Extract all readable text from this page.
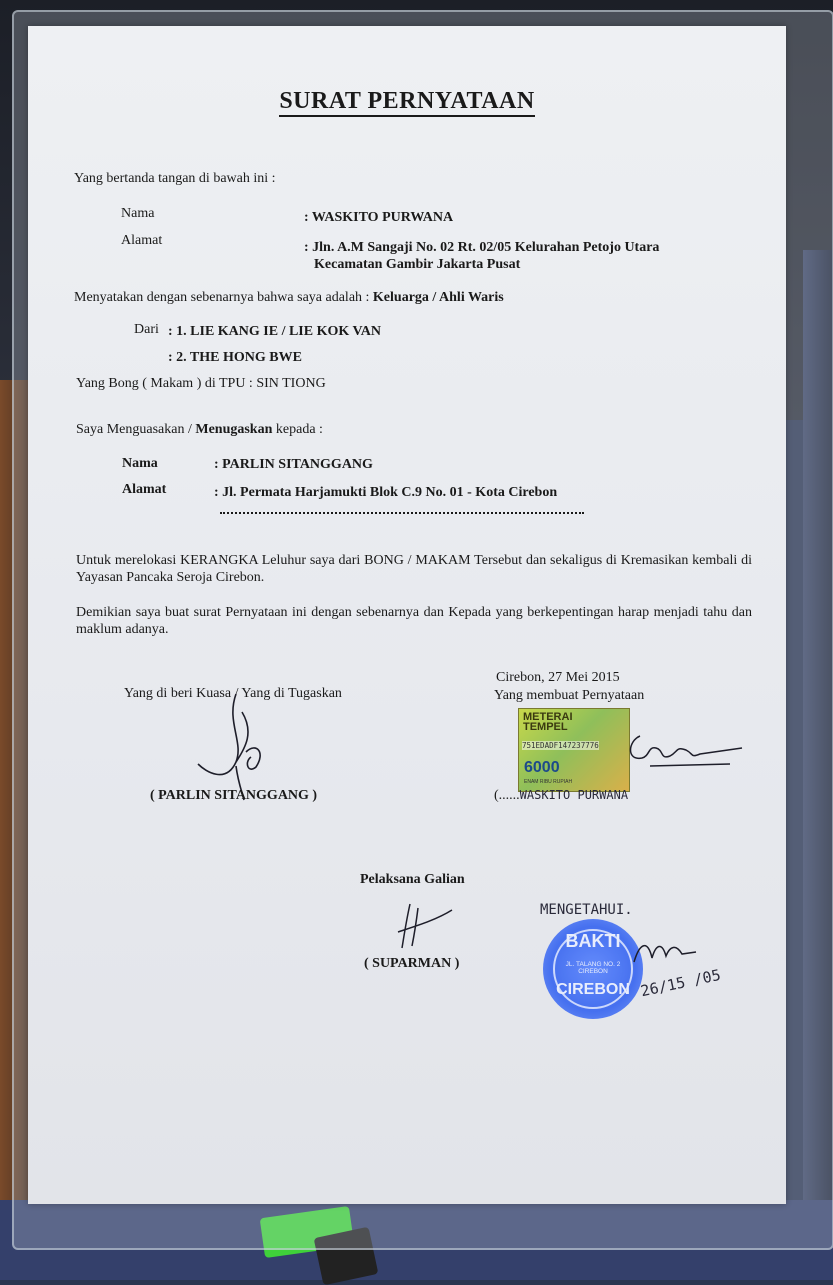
SURAT PERNYATAAN
Yang bertanda tangan di bawah ini :
Nama	: WASKITO PURWANA
Alamat	: Jln. A.M Sangaji No. 02 Rt. 02/05 Kelurahan Petojo Utara
Kecamatan Gambir Jakarta Pusat
Menyatakan dengan sebenarnya bahwa saya adalah : Keluarga / Ahli Waris
Dari : 1. LIE KANG IE / LIE KOK VAN
: 2. THE HONG BWE
Yang Bong ( Makam ) di TPU : SIN TIONG
Saya Menguasakan / Menugaskan kepada :
Nama	: PARLIN SITANGGANG
Alamat	: Jl. Permata Harjamukti Blok C.9 No. 01 - Kota Cirebon
Untuk merelokasi KERANGKA Leluhur saya dari BONG / MAKAM Tersebut dan sekaligus di Kremasikan kembali di Yayasan Pancaka Seroja Cirebon.
Demikian saya buat surat Pernyataan ini dengan sebenarnya dan Kepada yang berkepentingan harap menjadi tahu dan maklum adanya.
Cirebon, 27 Mei 2015
Yang di beri Kuasa / Yang di Tugaskan	Yang membuat Pernyataan
( PARLIN SITANGGANG )
METERAI
TEMPEL
751EDADF147237776
6000
ENAM RIBU RUPIAH
(......WASKITO PURWANA
Pelaksana Galian
( SUPARMAN )
MENGETAHUI.
BAKTI
JL. TALANG NO. 2
CIREBON
CIREBON 26/15 /05
